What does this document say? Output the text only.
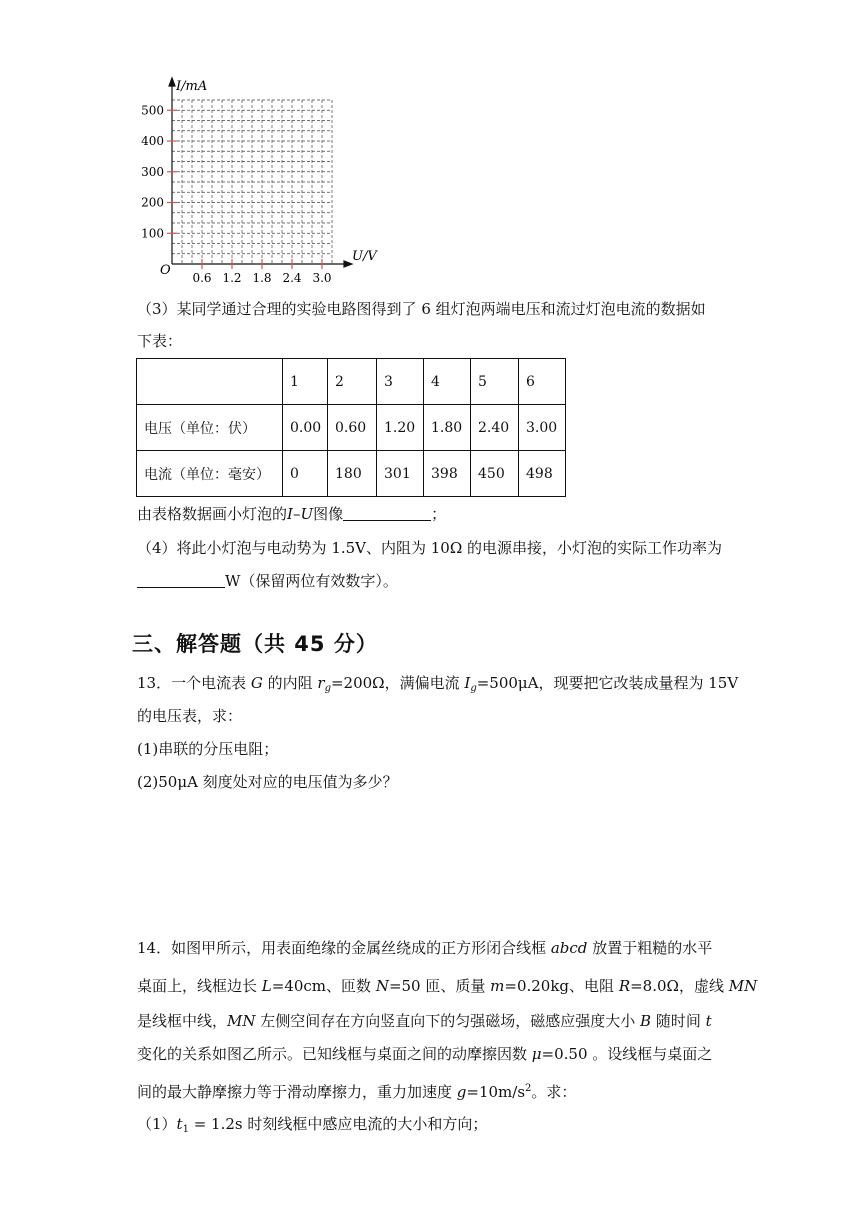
I/mA
U/V
O
100
200
300
400
500
0.6 1.2 1.8 2.4 3.0
（3）某同学通过合理的实验电路图得到了 6 组灯泡两端电压和流过灯泡电流的数据如
下表：
	1	2	3	4	5	6
电压（单位：伏）	0.00	0.60	1.20	1.80	2.40	3.00
电流（单位：毫安）	0	180	301	398	450	498
由表格数据画小灯泡的I–U图像	；
（4）将此小灯泡与电动势为 1.5V、内阻为 10Ω 的电源串接，小灯泡的实际工作功率为
W（保留两位有效数字）。
三、解答题（共 45 分）
13．一个电流表 G 的内阻 $r_g=200\Omega$，满偏电流 $I_g=500\mu A$，现要把它改装成量程为 15V
的电压表，求：
(1)串联的分压电阻；
(2)50μA 刻度处对应的电压值为多少？
14．如图甲所示，用表面绝缘的金属丝绕成的正方形闭合线框 abcd 放置于粗糙的水平
桌面上，线框边长 L=40cm、匝数 N=50 匝、质量 m=0.20kg、电阻 R=8.0Ω，虚线 MN
是线框中线，MN 左侧空间存在方向竖直向下的匀强磁场，磁感应强度大小 B 随时间 t
变化的关系如图乙所示。已知线框与桌面之间的动摩擦因数 μ=0.50 。设线框与桌面之
间的最大静摩擦力等于滑动摩擦力，重力加速度 $g=10m/s^2$。求：
$(1)t_1 = 1.2s$ 时刻线框中感应电流的大小和方向；
